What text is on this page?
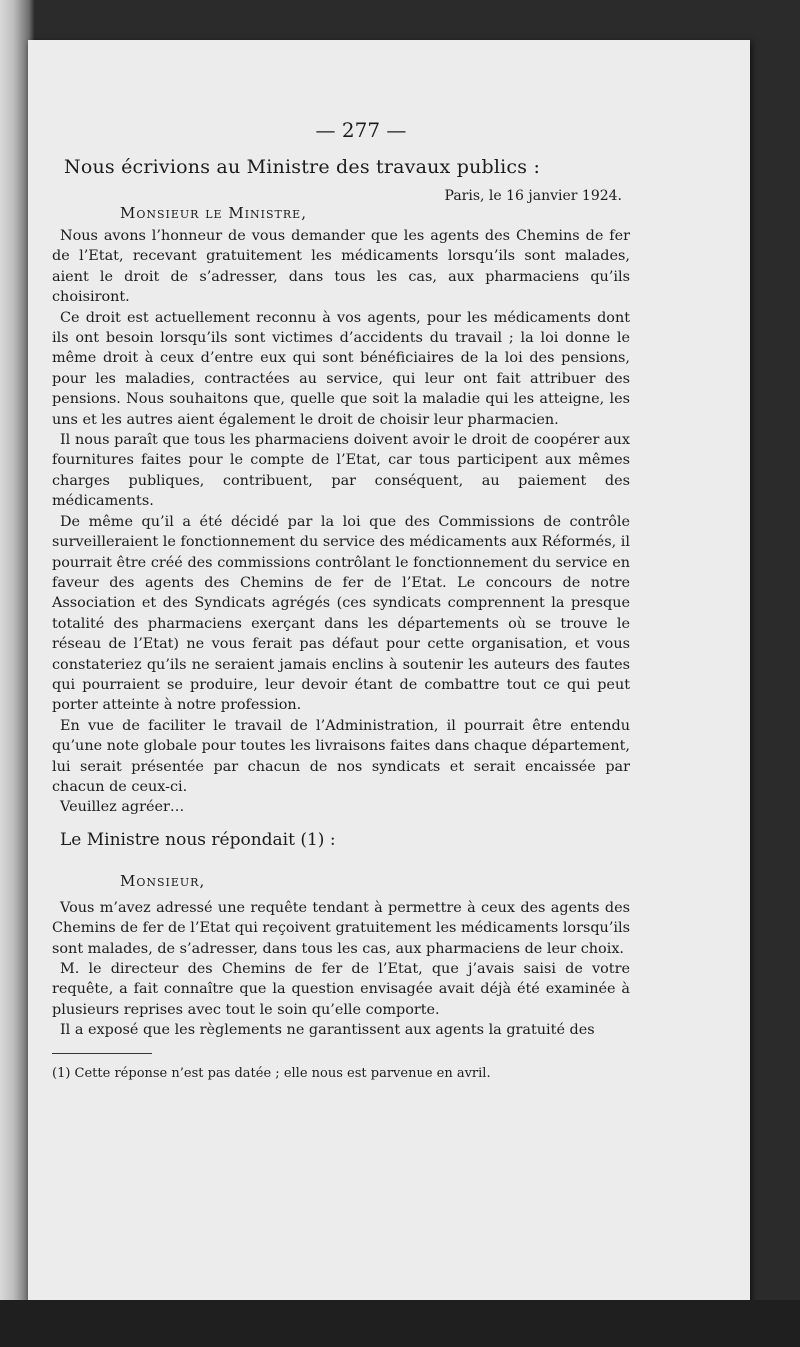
— 277 —
Nous écrivions au Ministre des travaux publics :
Paris, le 16 janvier 1924.
Monsieur le Ministre,

Nous avons l’honneur de vous demander que les agents des Chemins de fer de l’Etat, recevant gratuitement les médicaments lorsqu’ils sont malades, aient le droit de s’adresser, dans tous les cas, aux pharmaciens qu’ils choisiront.

Ce droit est actuellement reconnu à vos agents, pour les médicaments dont ils ont besoin lorsqu’ils sont victimes d’accidents du travail ; la loi donne le même droit à ceux d’entre eux qui sont bénéficiaires de la loi des pensions, pour les maladies, contractées au service, qui leur ont fait attribuer des pensions. Nous souhaitons que, quelle que soit la maladie qui les atteigne, les uns et les autres aient également le droit de choisir leur pharmacien.

Il nous paraît que tous les pharmaciens doivent avoir le droit de coopérer aux fournitures faites pour le compte de l’Etat, car tous participent aux mêmes charges publiques, contribuent, par conséquent, au paiement des médicaments.

De même qu’il a été décidé par la loi que des Commissions de contrôle surveilleraient le fonctionnement du service des médicaments aux Réformés, il pourrait être créé des commissions contrôlant le fonctionnement du service en faveur des agents des Chemins de fer de l’Etat. Le concours de notre Association et des Syndicats agrégés (ces syndicats comprennent la presque totalité des pharmaciens exerçant dans les départements où se trouve le réseau de l’Etat) ne vous ferait pas défaut pour cette organisation, et vous constateriez qu’ils ne seraient jamais enclins à soutenir les auteurs des fautes qui pourraient se produire, leur devoir étant de combattre tout ce qui peut porter atteinte à notre profession.

En vue de faciliter le travail de l’Administration, il pourrait être entendu qu’une note globale pour toutes les livraisons faites dans chaque département, lui serait présentée par chacun de nos syndicats et serait encaissée par chacun de ceux-ci.

Veuillez agréer…

Le Ministre nous répondait (1) :
Monsieur,

Vous m’avez adressé une requête tendant à permettre à ceux des agents des Chemins de fer de l’Etat qui reçoivent gratuitement les médicaments lorsqu’ils sont malades, de s’adresser, dans tous les cas, aux pharmaciens de leur choix.

M. le directeur des Chemins de fer de l’Etat, que j’avais saisi de votre requête, a fait connaître que la question envisagée avait déjà été examinée à plusieurs reprises avec tout le soin qu’elle comporte.

Il a exposé que les règlements ne garantissent aux agents la gratuité des

(1) Cette réponse n’est pas datée ; elle nous est parvenue en avril.
